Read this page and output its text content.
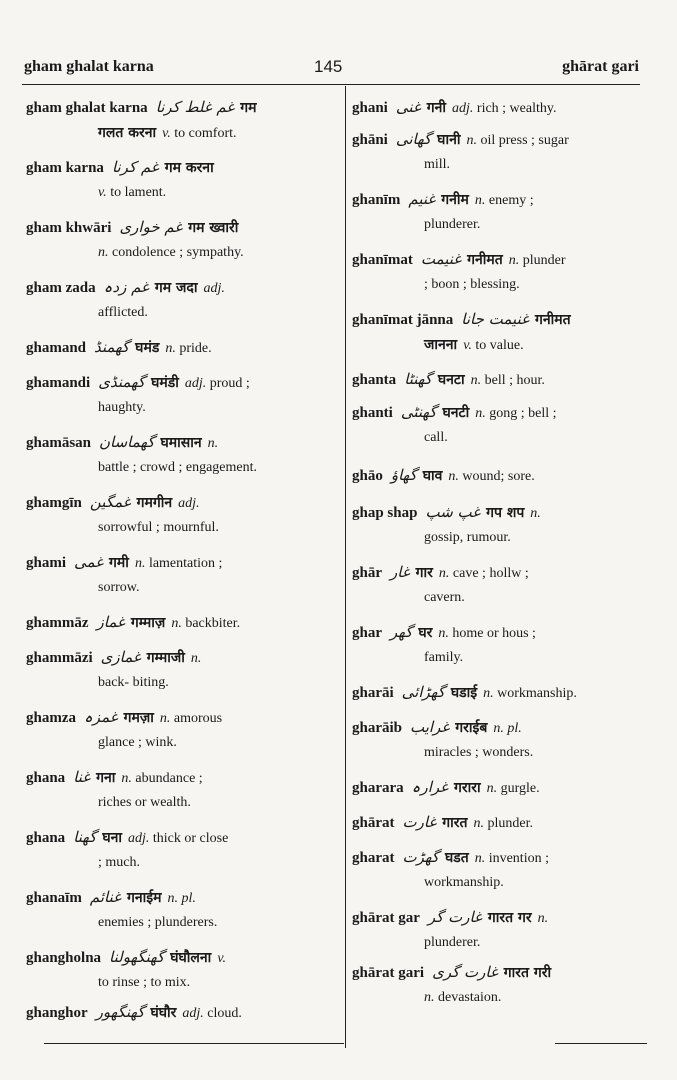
gham ghalat karna	145	ghārat gari
gham ghalat karna غم غلط کرنا गम
गलत करना v. to comfort.
gham karna غم کرنا गम करना
v. to lament.
gham khwāri غم خواری गम ख्वारी
n. condolence ; sympathy.
gham zada غم زدہ गम जदा adj.
afflicted.
ghamand گھمنڈ घमंड n. pride.
ghamandi گھمنڈی घमंडी adj. proud ;
haughty.
ghamāsan گھماسان घमासान n.
battle ; crowd ; engagement.
ghamgīn غمگین गमगीन adj.
sorrowful ; mournful.
ghami غمی गमी n. lamentation ;
sorrow.
ghammāz غماز गम्माज़ n. backbiter.
ghammāzi غمازی गम्माजी n.
back- biting.
ghamza غمزہ गमज़ा n. amorous
glance ; wink.
ghana غنا गना n. abundance ;
riches or wealth.
ghana گھنا घना adj. thick or close
; much.
ghanaīm غنائم गनाईम n. pl.
enemies ; plunderers.
ghangholna گھنگھولنا घंघौलना v.
to rinse ; to mix.
ghanghor گھنگھور घंघौर adj. cloud.
ghani غنی गनी adj. rich ; wealthy.
ghāni گھانی घानी n. oil press ; sugar
mill.
ghanīm غنیم गनीम n. enemy ;
plunderer.
ghanīmat غنیمت गनीमत n. plunder
; boon ; blessing.
ghanīmat jānna غنیمت جانا गनीमत
जानना v. to value.
ghanta گھنٹا घनटा n. bell ; hour.
ghanti گھنٹی घनटी n. gong ; bell ;
call.
ghāo گھاؤ घाव n. wound; sore.
ghap shap غپ شپ गप शप n.
gossip, rumour.
ghār غار गार n. cave ; hollw ;
cavern.
ghar گھر घर n. home or hous ;
family.
gharāi گھڑائی घडाई n. workmanship.
gharāib غرایب गराईब n. pl.
miracles ; wonders.
gharara غرارہ गरारा n. gurgle.
ghārat غارت गारत n. plunder.
gharat گھڑت घडत n. invention ;
workmanship.
ghārat gar غارت گر गारत गर n.
plunderer.
ghārat gari غارت گری गारत गरी
n. devastaion.
